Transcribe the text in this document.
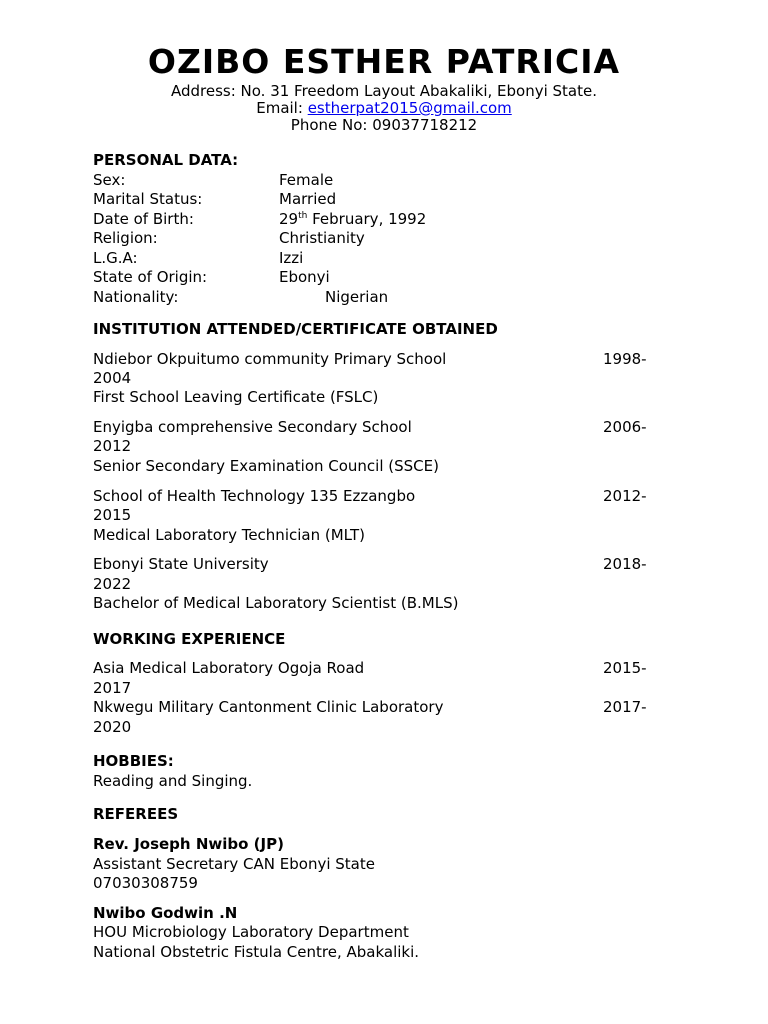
OZIBO ESTHER PATRICIA
Address: No. 31 Freedom Layout Abakaliki, Ebonyi State.
Email: estherpat2015@gmail.com
Phone No: 09037718212
PERSONAL DATA:
Sex:	Female
Marital Status:	Married
Date of Birth:	29th February, 1992
Religion:	Christianity
L.G.A:	Izzi
State of Origin:	Ebonyi
Nationality:	Nigerian
INSTITUTION ATTENDED/CERTIFICATE OBTAINED
Ndiebor Okpuitumo community Primary School	1998-
2004
First School Leaving Certificate (FSLC)
Enyigba comprehensive Secondary School	2006-
2012
Senior Secondary Examination Council (SSCE)
School of Health Technology 135 Ezzangbo	2012-
2015
Medical Laboratory Technician (MLT)
Ebonyi State University	2018-
2022
Bachelor of Medical Laboratory Scientist (B.MLS)
WORKING EXPERIENCE
Asia Medical Laboratory Ogoja Road	2015-
2017
Nkwegu Military Cantonment Clinic Laboratory	2017-
2020
HOBBIES:
Reading and Singing.
REFEREES
Rev. Joseph Nwibo (JP)
Assistant Secretary CAN Ebonyi State
07030308759
Nwibo Godwin .N
HOU Microbiology Laboratory Department
National Obstetric Fistula Centre, Abakaliki.
